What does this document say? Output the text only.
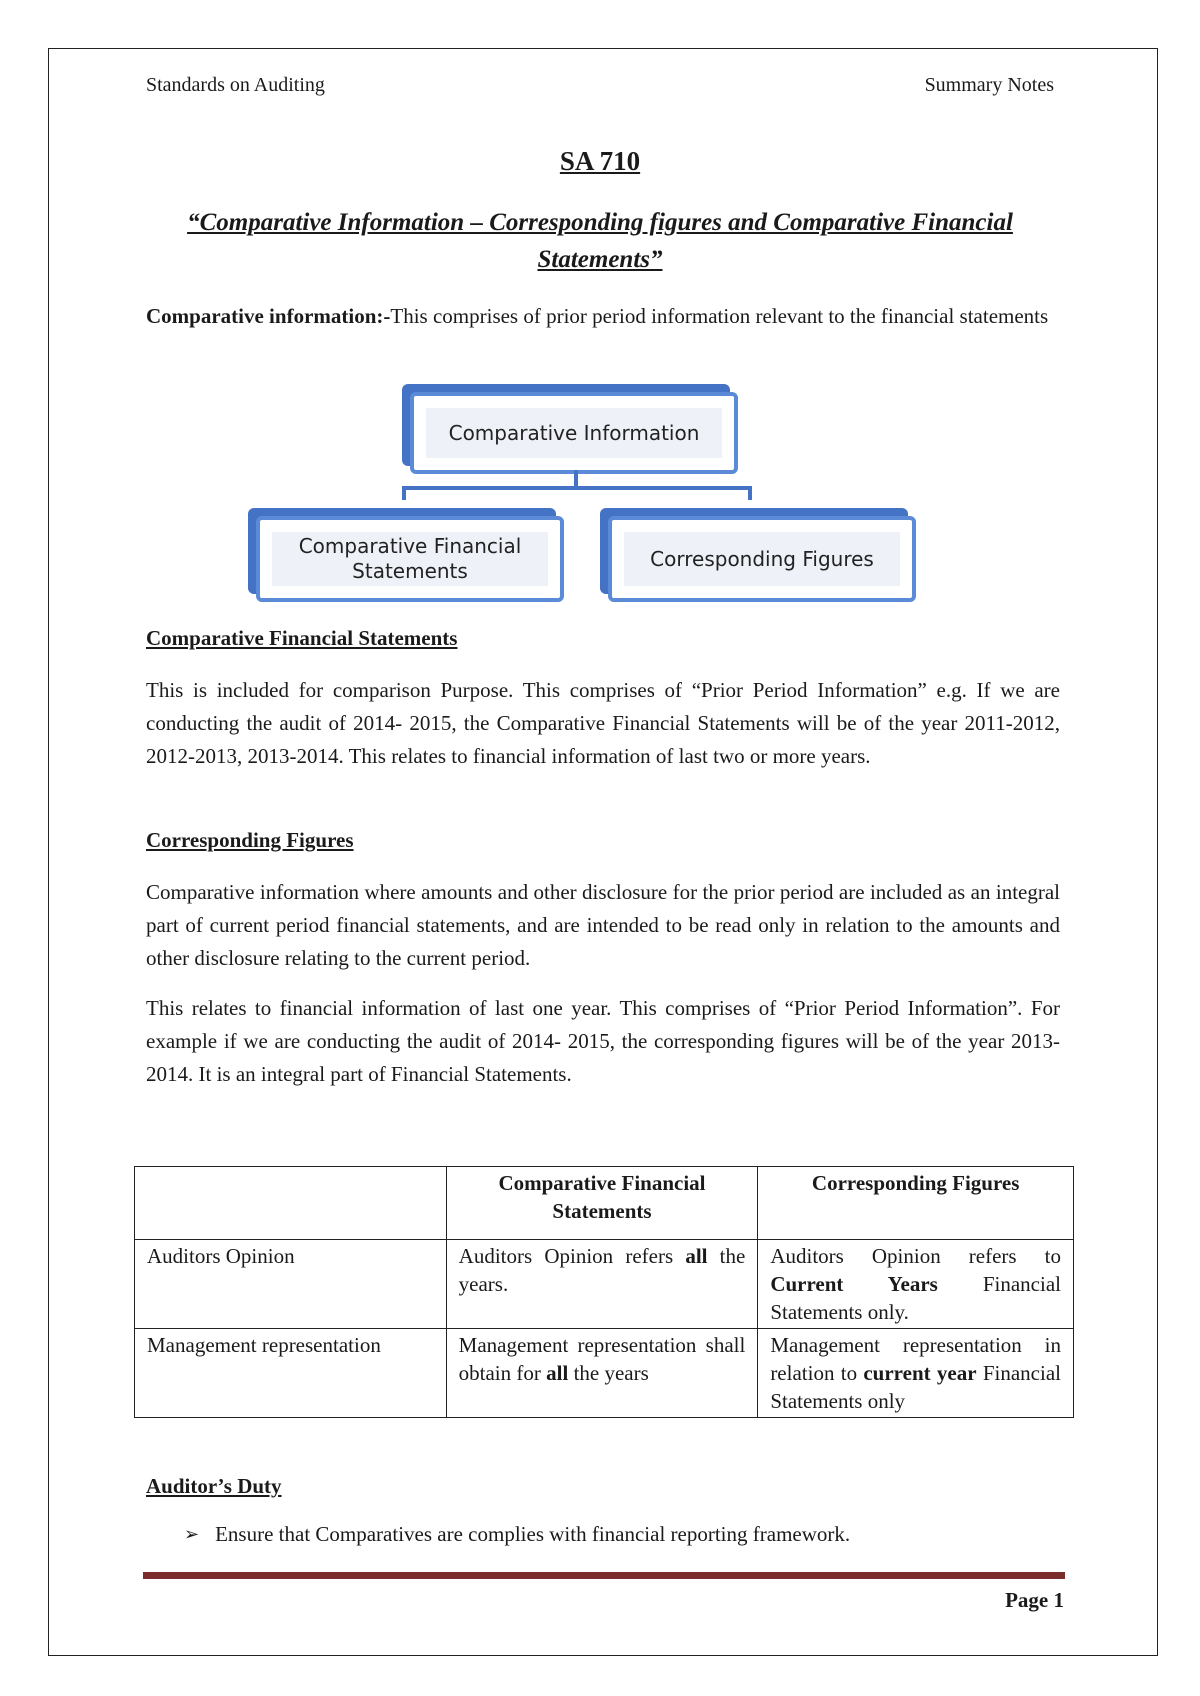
Standards on Auditing	Summary Notes
SA 710
“Comparative Information – Corresponding figures and Comparative Financial Statements”

Comparative information:-This comprises of prior period information relevant to the financial statements

Comparative Information
Comparative Financial Statements
Corresponding Figures
Comparative Financial Statements

This is included for comparison Purpose. This comprises of “Prior Period Information” e.g. If we are conducting the audit of 2014- 2015, the Comparative Financial Statements will be of the year 2011-2012, 2012-2013, 2013-2014. This relates to financial information of last two or more years.

Corresponding Figures

Comparative information where amounts and other disclosure for the prior period are included as an integral part of current period financial statements, and are intended to be read only in relation to the amounts and other disclosure relating to the current period.

This relates to financial information of last one year. This comprises of “Prior Period Information”. For example if we are conducting the audit of 2014- 2015, the corresponding figures will be of the year 2013-2014. It is an integral part of Financial Statements.

	Comparative Financial Statements	Corresponding Figures
Auditors Opinion	Auditors Opinion refers all the years.	Auditors Opinion refers to Current Years Financial Statements only.
Management representation	Management representation shall obtain for all the years	Management representation in relation to current year Financial Statements only
Auditor’s Duty
➢ Ensure that Comparatives are complies with financial reporting framework.
Page 1
